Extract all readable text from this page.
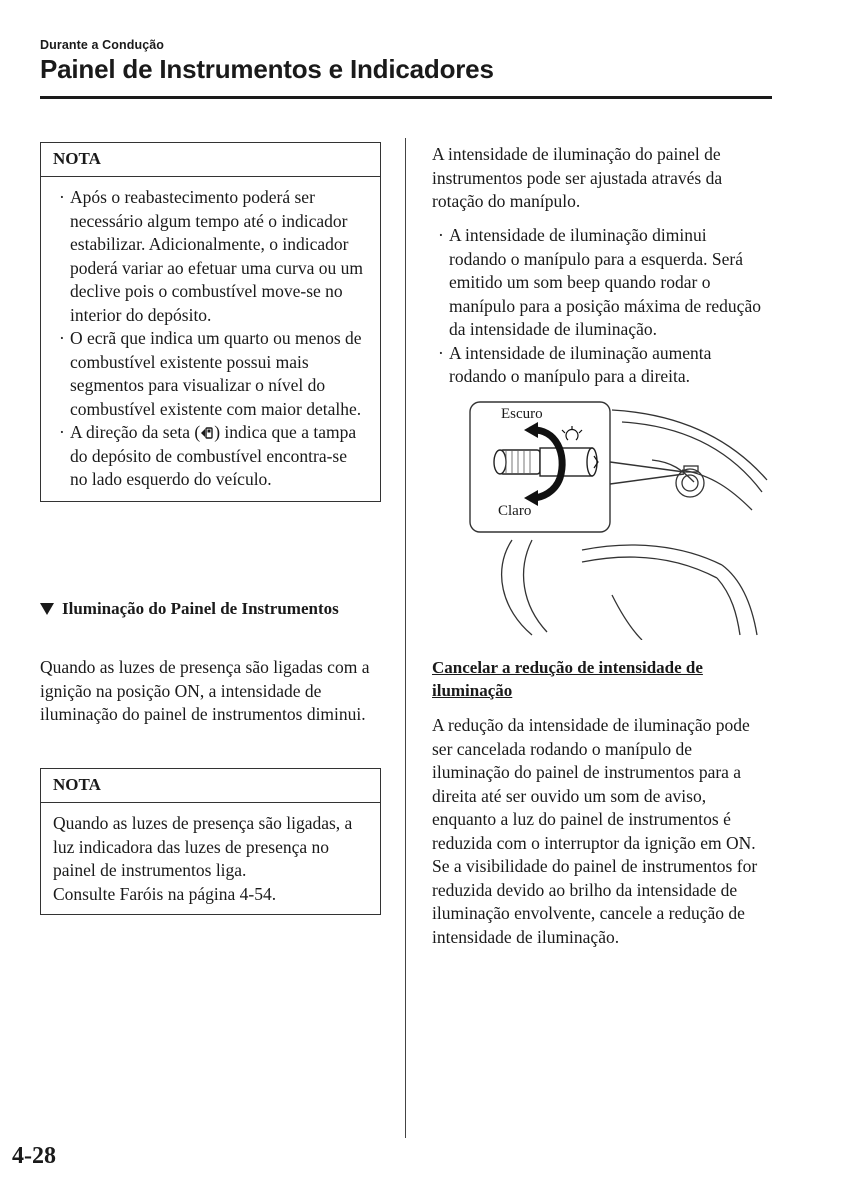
Durante a Condução
Painel de Instrumentos e Indicadores
NOTA
· Após o reabastecimento poderá ser necessário algum tempo até o indicador estabilizar. Adicionalmente, o indicador poderá variar ao efetuar uma curva ou um declive pois o combustível move-se no interior do depósito.
· O ecrã que indica um quarto ou menos de combustível existente possui mais segmentos para visualizar o nível do combustível existente com maior detalhe.
· A direção da seta ( ) indica que a tampa do depósito de combustível encontra-se no lado esquerdo do veículo.
Iluminação do Painel de Instrumentos
Quando as luzes de presença são ligadas com a ignição na posição ON, a intensidade de iluminação do painel de instrumentos diminui.
NOTA
Quando as luzes de presença são ligadas, a luz indicadora das luzes de presença no painel de instrumentos liga.
Consulte Faróis na página 4-54.
A intensidade de iluminação do painel de instrumentos pode ser ajustada através da rotação do manípulo.
· A intensidade de iluminação diminui rodando o manípulo para a esquerda. Será emitido um som beep quando rodar o manípulo para a posição máxima de redução da intensidade de iluminação.
· A intensidade de iluminação aumenta rodando o manípulo para a direita.
Escuro
Claro
Cancelar a redução de intensidade de iluminação
A redução da intensidade de iluminação pode ser cancelada rodando o manípulo de iluminação do painel de instrumentos para a direita até ser ouvido um som de aviso, enquanto a luz do painel de instrumentos é reduzida com o interruptor da ignição em ON. Se a visibilidade do painel de instrumentos for reduzida devido ao brilho da intensidade de iluminação envolvente, cancele a redução de intensidade de iluminação.
4-28
